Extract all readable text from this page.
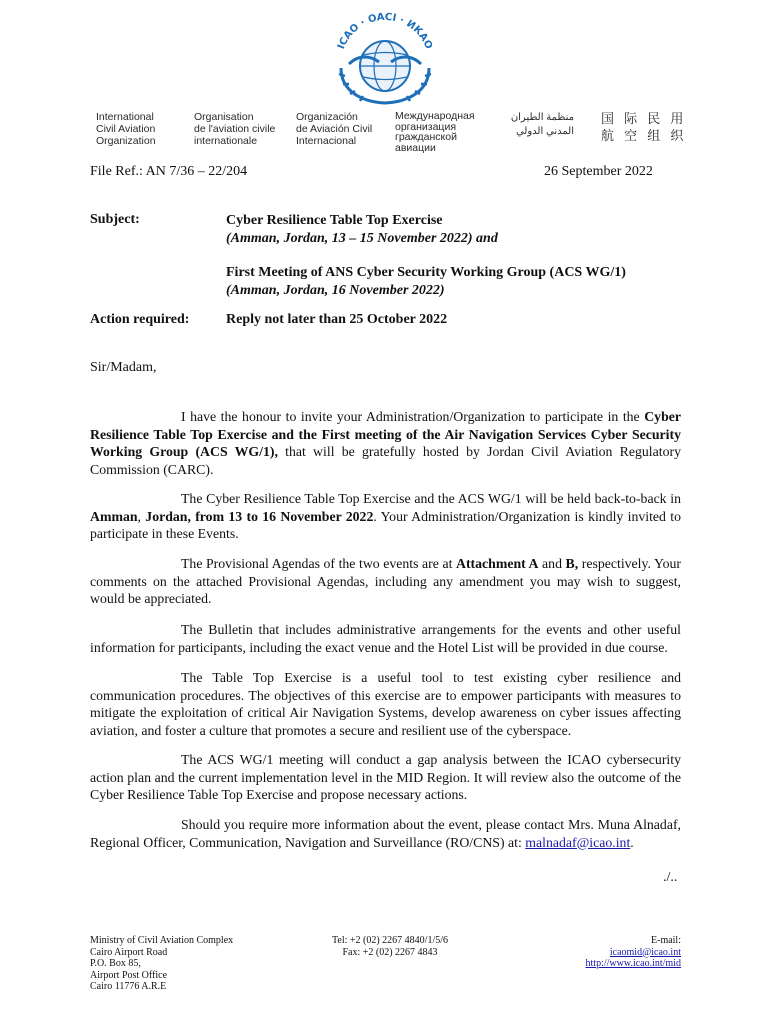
ICAO · OACI · ИКАО
International
Civil Aviation
Organization
Organisation
de l'aviation civile
internationale
Organización
de Aviación Civil
Internacional
Международная
организация
гражданской
авиации
منظمة الطيران
المدني الدولي
国 际 民 用
航 空 组 织
File Ref.: AN 7/36 – 22/204	26 September 2022
Subject:	Cyber Resilience Table Top Exercise
(Amman, Jordan, 13 – 15 November 2022) and
First Meeting of ANS Cyber Security Working Group (ACS WG/1)
(Amman, Jordan, 16 November 2022)
Action required:	Reply not later than 25 October 2022
Sir/Madam,
I have the honour to invite your Administration/Organization to participate in the Cyber Resilience Table Top Exercise and the First meeting of the Air Navigation Services Cyber Security Working Group (ACS WG/1), that will be gratefully hosted by Jordan Civil Aviation Regulatory Commission (CARC).
The Cyber Resilience Table Top Exercise and the ACS WG/1 will be held back-to-back in Amman, Jordan, from 13 to 16 November 2022. Your Administration/Organization is kindly invited to participate in these Events.
The Provisional Agendas of the two events are at Attachment A and B, respectively. Your comments on the attached Provisional Agendas, including any amendment you may wish to suggest, would be appreciated.
The Bulletin that includes administrative arrangements for the events and other useful information for participants, including the exact venue and the Hotel List will be provided in due course.
The Table Top Exercise is a useful tool to test existing cyber resilience and communication procedures. The objectives of this exercise are to empower participants with measures to mitigate the exploitation of critical Air Navigation Systems, develop awareness on cyber issues affecting aviation, and foster a culture that promotes a secure and resilient use of the cyberspace.
The ACS WG/1 meeting will conduct a gap analysis between the ICAO cybersecurity action plan and the current implementation level in the MID Region. It will review also the outcome of the Cyber Resilience Table Top Exercise and propose necessary actions.
Should you require more information about the event, please contact Mrs. Muna Alnadaf, Regional Officer, Communication, Navigation and Surveillance (RO/CNS) at: malnadaf@icao.int.
./..
Ministry of Civil Aviation Complex
Cairo Airport Road
P.O. Box 85,
Airport Post Office
Cairo 11776 A.R.E
Tel: +2 (02) 2267 4840/1/5/6
Fax: +2 (02) 2267 4843
E-mail:
icaomid@icao.int
http://www.icao.int/mid
